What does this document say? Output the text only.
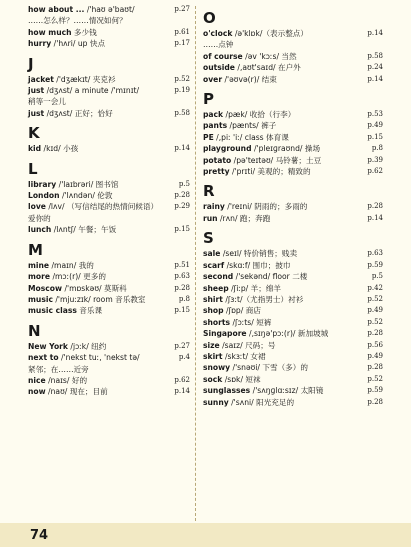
how about ... /'haʊ ə'baʊt/
……怎么样？……情况如何？
p.27
how much 多少钱	p.61
hurry /'hʌri/ up 快点	p.17
J
jacket /'dʒækɪt/ 夹克衫	p.52
just /dʒʌst/ a minute /'mɪnɪt/
稍等一会儿
p.19
just /dʒʌst/ 正好；恰好	p.58
K
kid /kɪd/ 小孩	p.14
L
library /'laɪbrəri/ 图书馆	p.5
London /'lʌndən/ 伦敦	p.28
love /lʌv/ （写信结尾的热情问候语）
爱你的
p.29
lunch /lʌntʃ/ 午餐；午饭	p.15
M
mine /maɪn/ 我的	p.51
more /mɔː(r)/ 更多的	p.63
Moscow /'mɒskəʊ/ 莫斯科	p.28
music /'mjuːzɪk/ room 音乐教室	p.8
music class 音乐课	p.15
N
New York /jɔːk/ 纽约	p.27
next to /'nekst tuː, 'nekst tə/
紧邻；在……近旁
p.4
nice /naɪs/ 好的	p.62
now /naʊ/ 现在；目前	p.14
O
o'clock /ə'klɒk/（表示整点）
……点钟
p.14
of course /əv 'kɔːs/ 当然	p.58
outside /,aʊt'saɪd/ 在户外	p.24
over /'əʊvə(r)/ 结束	p.14
P
pack /pæk/ 收拾（行李）	p.53
pants /pænts/ 裤子	p.49
PE /,piː 'iː/ class 体育课	p.15
playground /'pleɪɡraʊnd/ 操场	p.8
potato /pə'teɪtəʊ/ 马铃薯；土豆	p.39
pretty /'prɪti/ 美观的；精致的	p.62
R
rainy /'reɪni/ 阴雨的；多雨的	p.28
run /rʌn/ 跑；奔跑	p.14
S
sale /seɪl/ 特价销售；贱卖	p.63
scarf /skɑːf/ 围巾；披巾	p.59
second /'sekənd/ floor 二楼	p.5
sheep /ʃiːp/ 羊；绵羊	p.42
shirt /ʃɜːt/（尤指男士）衬衫	p.52
shop /ʃɒp/ 商店	p.49
shorts /ʃɔːts/ 短裤	p.52
Singapore /,sɪŋə'pɔː(r)/ 新加坡城	p.28
size /saɪz/ 尺码；号	p.56
skirt /skɜːt/ 女裙	p.49
snowy /'snəʊi/ 下雪（多）的	p.28
sock /sɒk/ 短袜	p.52
sunglasses /'sʌŋɡlɑːsɪz/ 太阳镜	p.59
sunny /'sʌni/ 阳光充足的	p.28
74
